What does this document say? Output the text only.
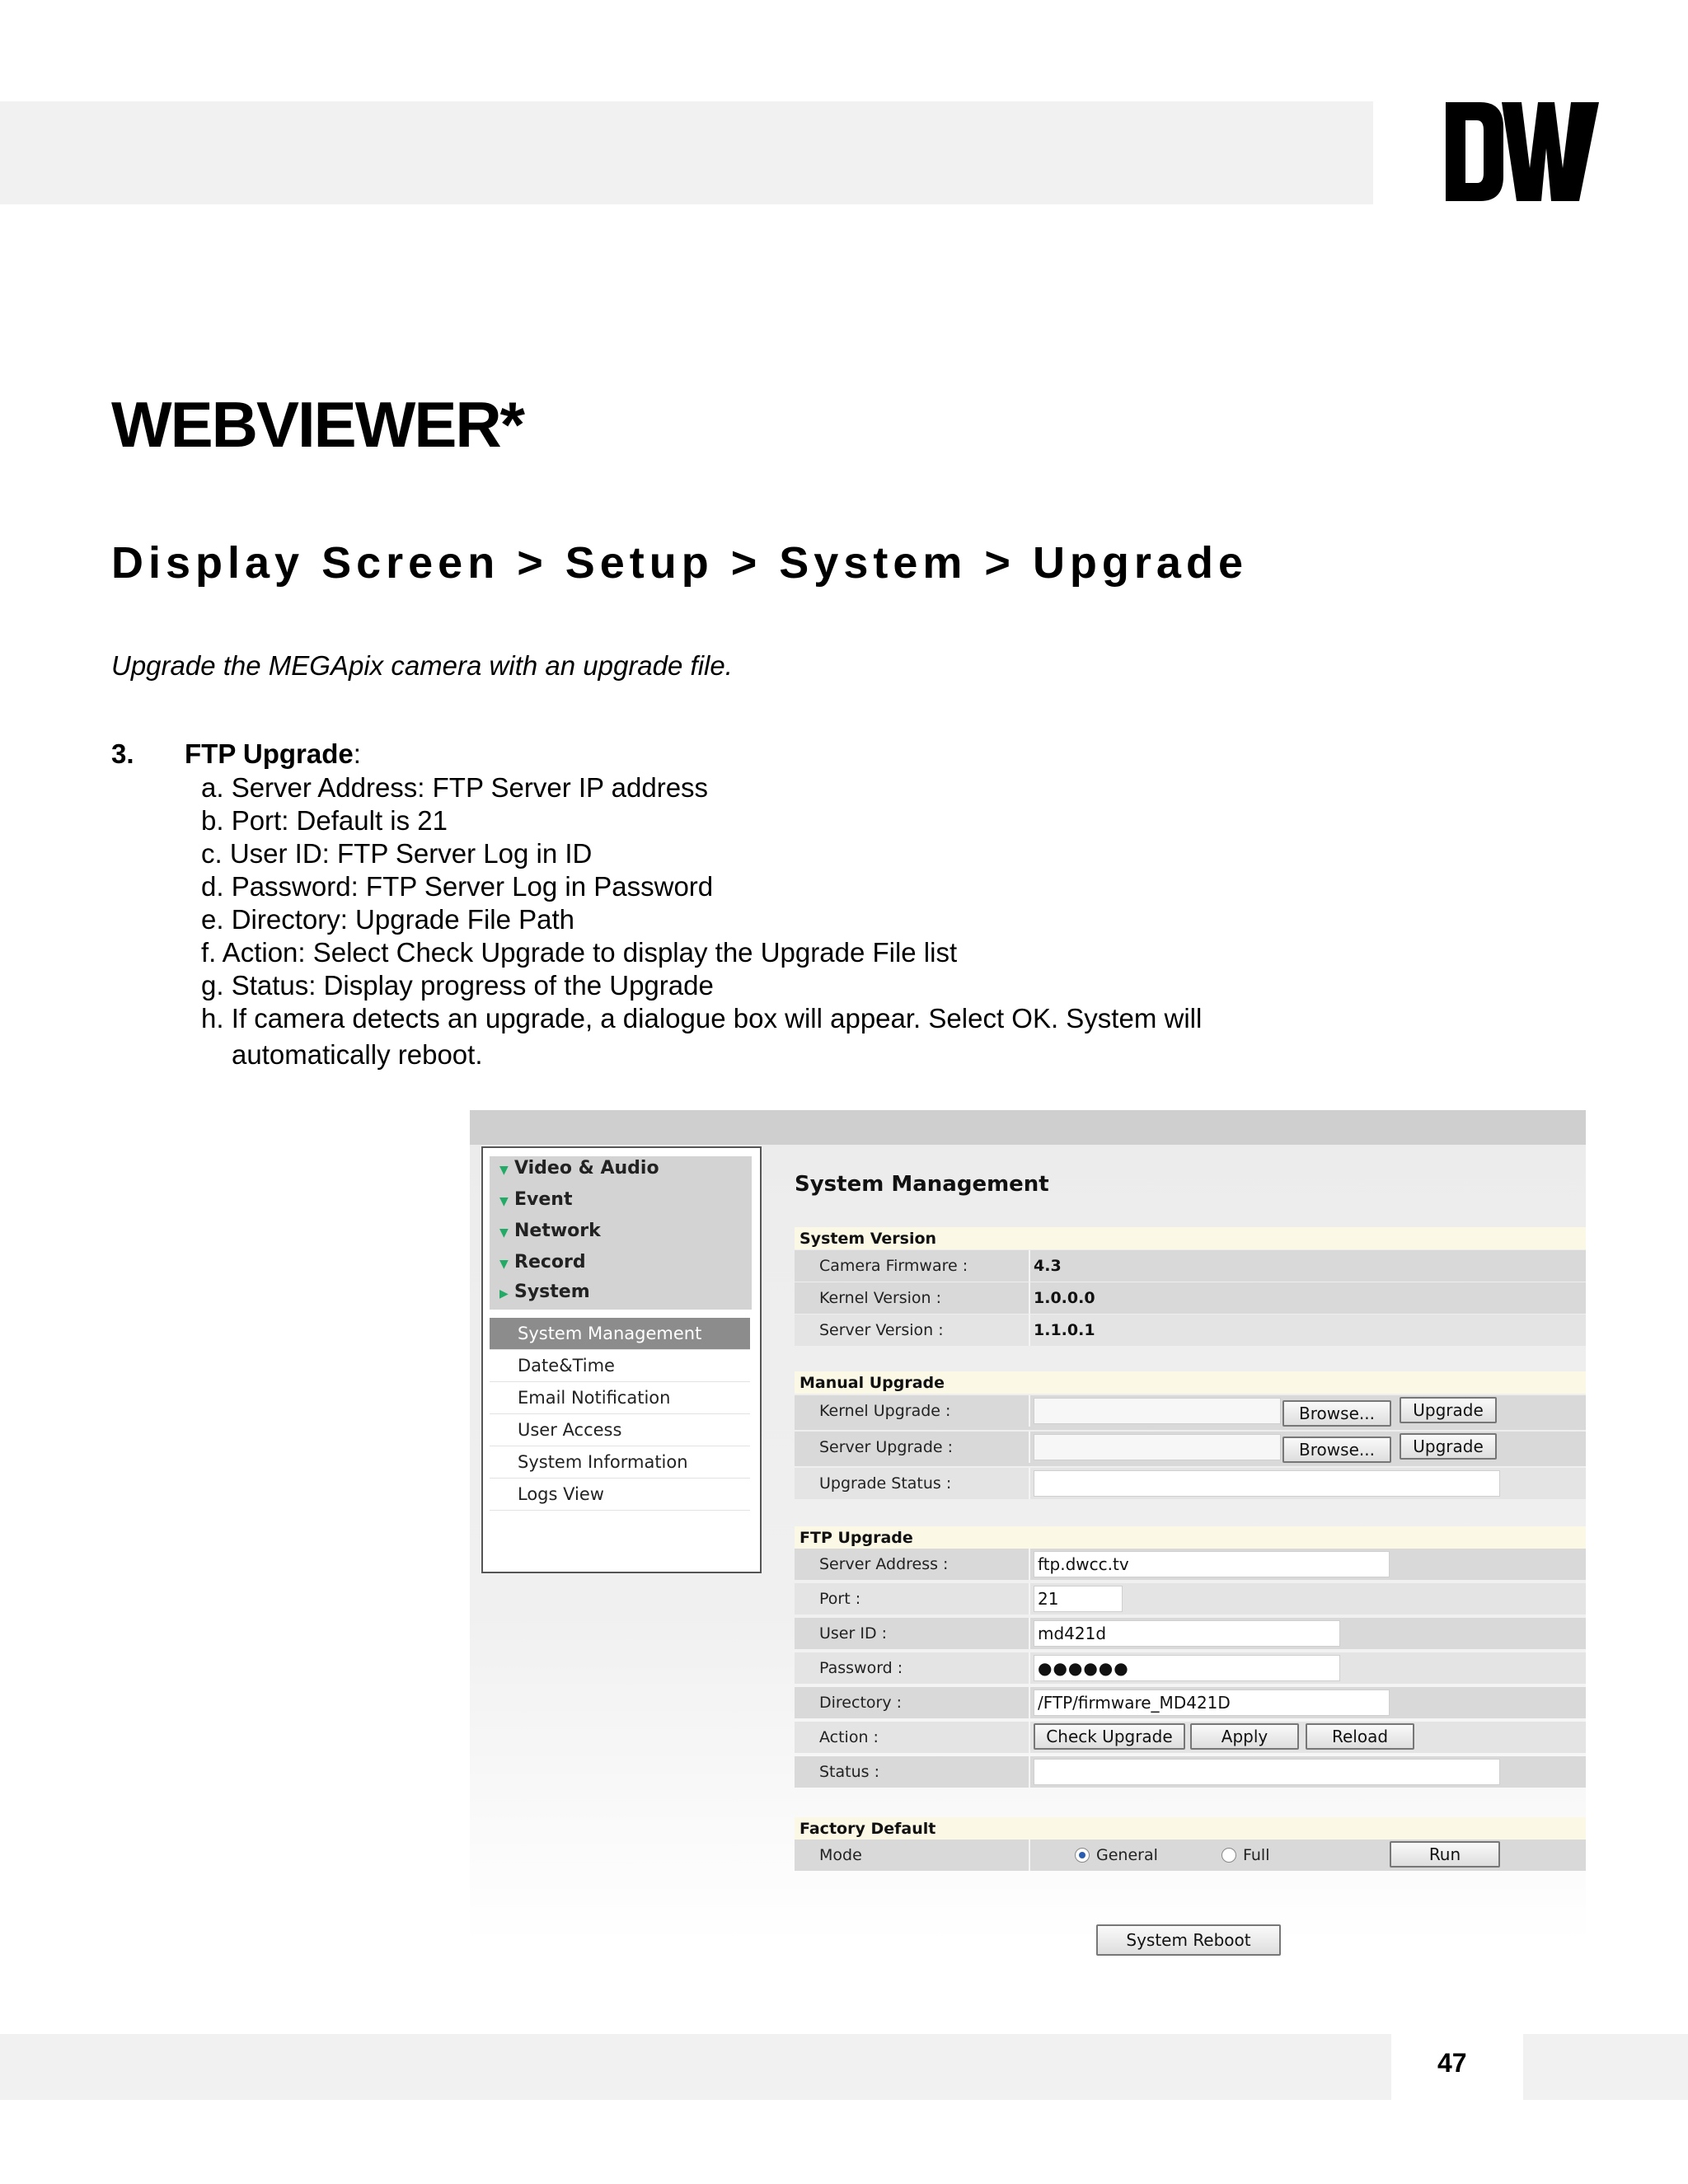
WEBVIEWER*
Display Screen > Setup > System > Upgrade
Upgrade the MEGApix camera with an upgrade file.
3. FTP Upgrade:
a. Server Address: FTP Server IP address
b. Port: Default is 21
c. User ID: FTP Server Log in ID
d. Password: FTP Server Log in Password
e. Directory: Upgrade File Path
f. Action: Select Check Upgrade to display the Upgrade File list
g. Status: Display progress of the Upgrade
h. If camera detects an upgrade, a dialogue box will appear. Select OK. System will
automatically reboot.
▼ Video & Audio
▼ Event
▼ Network
▼ Record
▶ System
System Management
Date&Time
Email Notification
User Access
System Information
Logs View
System Management
System Version
Camera Firmware :	4.3
Kernel Version :	1.0.0.0
Server Version :	1.1.0.1
Manual Upgrade
Kernel Upgrade :	Browse...	Upgrade
Server Upgrade :	Browse...	Upgrade
Upgrade Status :
FTP Upgrade
Server Address :	ftp.dwcc.tv
Port :	21
User ID :	md421d
Password :	●●●●●●
Directory :	/FTP/firmware_MD421D
Action :	Check Upgrade	Apply	Reload
Status :
Factory Default
Mode	General	Full	Run
System Reboot
47
